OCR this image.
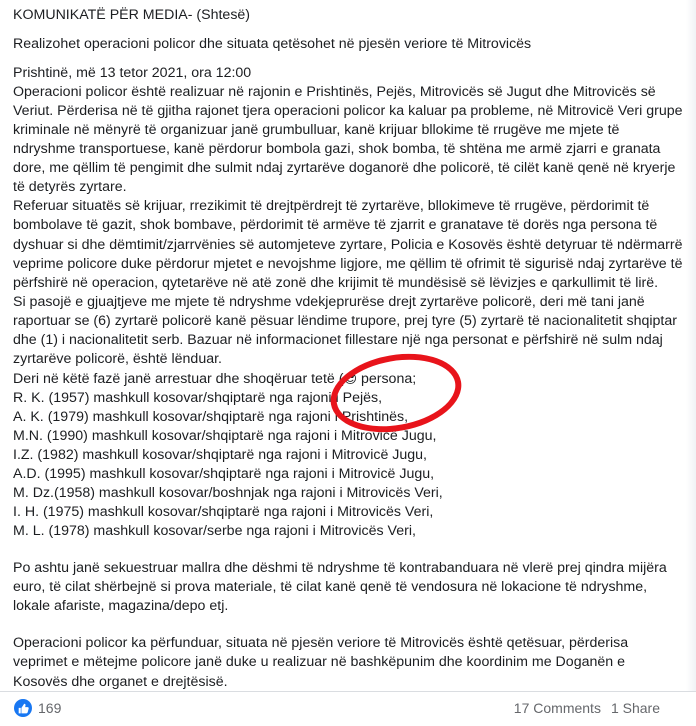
KOMUNIKATË PËR MEDIA- (Shtesë)

Realizohet operacioni policor dhe situata qetësohet në pjesën veriore të Mitrovicës

Prishtinë, më 13 tetor 2021, ora 12:00

Operacioni policor është realizuar në rajonin e Prishtinës, Pejës, Mitrovicës së Jugut dhe Mitrovicës së Veriut. Përderisa në të gjitha rajonet tjera operacioni policor ka kaluar pa probleme, në Mitrovicë Veri grupe kriminale në mënyrë të organizuar janë grumbulluar, kanë krijuar bllokime të rrugëve me mjete të ndryshme transportuese, kanë përdorur bombola gazi, shok bomba, të shtëna me armë zjarri e granata dore, me qëllim të pengimit dhe sulmit ndaj zyrtarëve doganorë dhe policorë, të cilët kanë qenë në kryerje të detyrës zyrtare.

Referuar situatës së krijuar, rrezikimit të drejtpërdrejt të zyrtarëve, bllokimeve të rrugëve, përdorimit të bombolave të gazit, shok bombave, përdorimit të armëve të zjarrit e granatave të dorës nga persona të dyshuar si dhe dëmtimit/zjarrvënies së automjeteve zyrtare, Policia e Kosovës është detyruar të ndërmarrë veprime policore duke përdorur mjetet e nevojshme ligjore, me qëllim të ofrimit të sigurisë ndaj zyrtarëve të përfshirë në operacion, qytetarëve në atë zonë dhe krijimit të mundësisë së lëvizjes e qarkullimit të lirë.

Si pasojë e gjuajtjeve me mjete të ndryshme vdekjeprurëse drejt zyrtarëve policorë, deri më tani janë raportuar se (6) zyrtarë policorë kanë pësuar lëndime trupore, prej tyre (5) zyrtarë të nacionalitetit shqiptar dhe (1) i nacionalitetit serb. Bazuar në informacionet fillestare një nga personat e përfshirë në sulm ndaj zyrtarëve policorë, është lënduar.

Deri në këtë fazë janë arrestuar dhe shoqëruar tetë (😎 persona;

R. K. (1957) mashkull kosovar/shqiptarë nga rajoni i Pejës,

A. K. (1979) mashkull kosovar/shqiptarë nga rajoni i Prishtinës,

M.N. (1990) mashkull kosovar/shqiptarë nga rajoni i Mitrovicë Jugu,

I.Z. (1982) mashkull kosovar/shqiptarë nga rajoni i Mitrovicë Jugu,

A.D. (1995) mashkull kosovar/shqiptarë nga rajoni i Mitrovicë Jugu,

M. Dz.(1958) mashkull kosovar/boshnjak nga rajoni i Mitrovicës Veri,

I. H. (1975) mashkull kosovar/shqiptarë nga rajoni i Mitrovicës Veri,

M. L. (1978) mashkull kosovar/serbe nga rajoni i Mitrovicës Veri,

Po ashtu janë sekuestruar mallra dhe dëshmi të ndryshme të kontrabanduara në vlerë prej qindra mijëra euro, të cilat shërbejnë si prova materiale, të cilat kanë qenë të vendosura në lokacione të ndryshme, lokale afariste, magazina/depo etj.

Operacioni policor ka përfunduar, situata në pjesën veriore të Mitrovicës është qetësuar, përderisa veprimet e mëtejme policore janë duke u realizuar në bashkëpunim dhe koordinim me Doganën e Kosovës dhe organet e drejtësisë.

169	17 Comments 1 Share
